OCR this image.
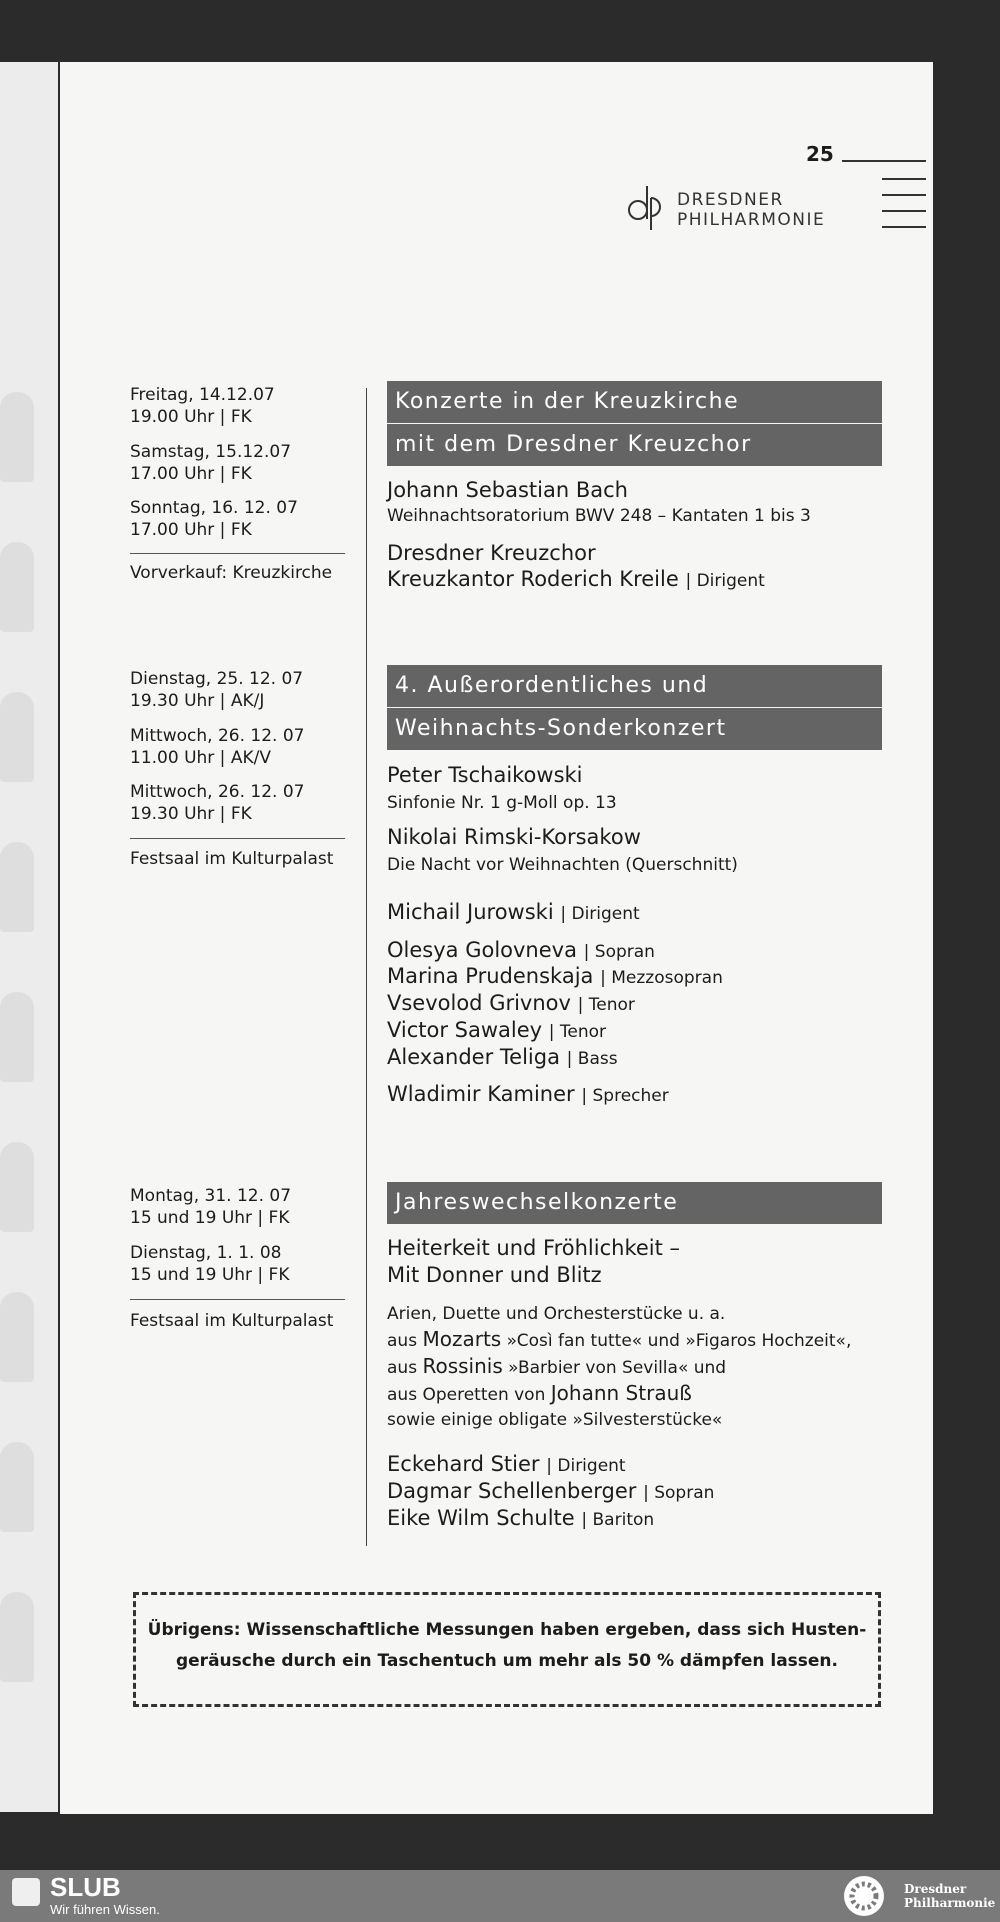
25
DRESDNER
PHILHARMONIE
Freitag, 14.12.07
19.00 Uhr | FK
Samstag, 15.12.07
17.00 Uhr | FK
Sonntag, 16. 12. 07
17.00 Uhr | FK
Vorverkauf: Kreuzkirche
Konzerte in der Kreuzkirche
mit dem Dresdner Kreuzchor
Johann Sebastian Bach
Weihnachtsoratorium BWV 248 – Kantaten 1 bis 3
Dresdner Kreuzchor
Kreuzkantor Roderich Kreile | Dirigent
Dienstag, 25. 12. 07
19.30 Uhr | AK/J
Mittwoch, 26. 12. 07
11.00 Uhr | AK/V
Mittwoch, 26. 12. 07
19.30 Uhr | FK
Festsaal im Kulturpalast
4. Außerordentliches und
Weihnachts-Sonderkonzert
Peter Tschaikowski
Sinfonie Nr. 1 g-Moll op. 13
Nikolai Rimski-Korsakow
Die Nacht vor Weihnachten (Querschnitt)
Michail Jurowski | Dirigent
Olesya Golovneva | Sopran
Marina Prudenskaja | Mezzosopran
Vsevolod Grivnov | Tenor
Victor Sawaley | Tenor
Alexander Teliga | Bass
Wladimir Kaminer | Sprecher
Montag, 31. 12. 07
15 und 19 Uhr | FK
Dienstag, 1. 1. 08
15 und 19 Uhr | FK
Festsaal im Kulturpalast
Jahreswechselkonzerte
Heiterkeit und Fröhlichkeit –
Mit Donner und Blitz
Arien, Duette und Orchesterstücke u. a.
aus Mozarts »Così fan tutte« und »Figaros Hochzeit«,
aus Rossinis »Barbier von Sevilla« und
aus Operetten von Johann Strauß
sowie einige obligate »Silvesterstücke«
Eckehard Stier | Dirigent
Dagmar Schellenberger | Sopran
Eike Wilm Schulte | Bariton
Übrigens: Wissenschaftliche Messungen haben ergeben, dass sich Husten-
geräusche durch ein Taschentuch um mehr als 50 % dämpfen lassen.
SLUB
Wir führen Wissen.
Dresdner
Philharmonie
